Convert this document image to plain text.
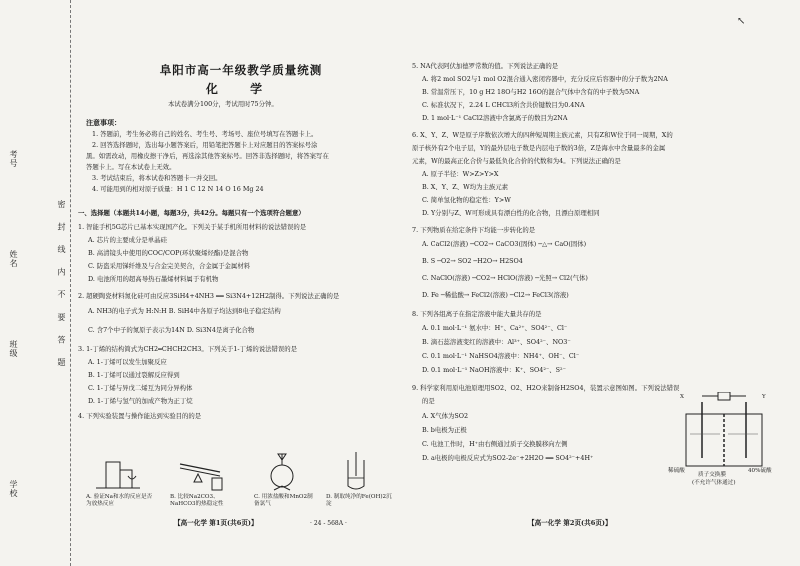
考号
姓名
班级
学校
密 封 线 内 不 要 答 题
阜阳市高一年级教学质量统测
化 学
本试卷满分100分，考试用时75分钟。
注意事项：
1. 答题前，考生务必将自己的姓名、考生号、考场号、座位号填写在答题卡上。
2. 回答选择题时，选出每小题答案后，用铅笔把答题卡上对应题目的答案标号涂
黑。如需改动，用橡皮擦干净后，再选涂其他答案标号。回答非选择题时，将答案写在
答题卡上。写在本试卷上无效。
3. 考试结束后，将本试卷和答题卡一并交回。
4. 可能用到的相对原子质量：H 1 C 12 N 14 O 16 Mg 24
一、选择题（本题共14小题，每题3分，共42分。每题只有一个选项符合题意）
1. 智能手机5G芯片已基本实现国产化。下列关于某手机所用材料的说法错误的是
A. 芯片的主要成分是单晶硅
B. 高清镜头中使用的COC/COP(环状聚烯烃酯)是混合物
C. 防盗采用锑纤维及与合金完美契合，合金属于金属材料
D. 电池所用的超高导热石墨烯材料属于有机物
2. 超硬陶瓷材料氮化硅可由反应3SiH4+4NH3 ══ Si3N4+12H2制得。下列说法正确的是
A. NH3的电子式为 H:N:H B. SiH4中各原子均达到8电子稳定结构
C. 含7个中子的氮原子表示为14N D. Si3N4是离子化合物
3. 1-丁烯的结构简式为CH2═CHCH2CH3。下列关于1-丁烯的说法错误的是
A. 1-丁烯可以发生加聚反应
B. 1-丁烯可以通过裂解反应得到
C. 1-丁烯与异戊二烯互为同分异构体
D. 1-丁烯与氢气的加成产物为正丁烷
4. 下列实验装置与操作能达到实验目的的是
A. 验证Na和水的反应是否为放热反应
B. 比较Na2CO3、NaHCO3的热稳定性
C. 用浓盐酸和MnO2制备氯气
D. 制取纯净的Fe(OH)2沉淀
【高一化学 第1页(共6页)】	· 24 - 568A ·
5. NA代表阿伏加德罗常数的值。下列说法正确的是
A. 将2 mol SO2与1 mol O2混合通入密闭容器中，充分反应后容器中的分子数为2NA
B. 常温常压下，10 g H2 18O与H2 16O的混合气体中含有的中子数为5NA
C. 标准状况下，2.24 L CHCl3所含共价键数目为0.4NA
D. 1 mol·L⁻¹ CaCl2溶液中含氯离子的数目为2NA
6. X、Y、Z、W是原子序数依次增大的四种短周期主族元素，只有Z和W位于同一周期，X的
原子核外有2个电子层，Y的最外层电子数是内层电子数的3倍，Z是海水中含量最多的金属
元素，W的最高正化合价与最低负化合价的代数和为4。下列说法正确的是
A. 原子半径：W>Z>Y>X
B. X、Y、Z、W均为主族元素
C. 简单氢化物的稳定性：Y>W
D. Y分别与Z、W可形成具有漂白性的化合物，且漂白原理相同
7. 下列物质在给定条件下均能一步转化的是
A. CaCl2(溶液) ─CO2→ CaCO3(固体) ─△→ CaO(固体)
B. S ─O2→ SO2 ─H2O→ H2SO4
C. NaClO(溶液) ─CO2→ HClO(溶液) ─光照→ Cl2(气体)
D. Fe ─稀盐酸→ FeCl2(溶液) ─Cl2→ FeCl3(溶液)
8. 下列各组离子在指定溶液中能大量共存的是
A. 0.1 mol·L⁻¹ 氨水中：H⁺、Ca²⁺、SO4²⁻、Cl⁻
B. 滴石蕊溶液变红的溶液中：Al³⁺、SO4²⁻、NO3⁻
C. 0.1 mol·L⁻¹ NaHSO4溶液中：NH4⁺、OH⁻、Cl⁻
D. 0.1 mol·L⁻¹ NaOH溶液中：K⁺、SO4²⁻、S²⁻
9. 科学家利用原电池原理用SO2、O2、H2O来制备H2SO4，装置示意图如图。下列说法错误
的是
A. X气体为SO2
B. b电极为正极
C. 电池工作时，H⁺由右侧通过质子交换膜移向左侧
D. a电极的电极反应式为SO2-2e⁻+2H2O ══ SO4²⁻+4H⁺
X	Y
稀硫酸
质子交换膜
(不允许气体通过)
40%硫酸
【高一化学 第2页(共6页)】
↖
